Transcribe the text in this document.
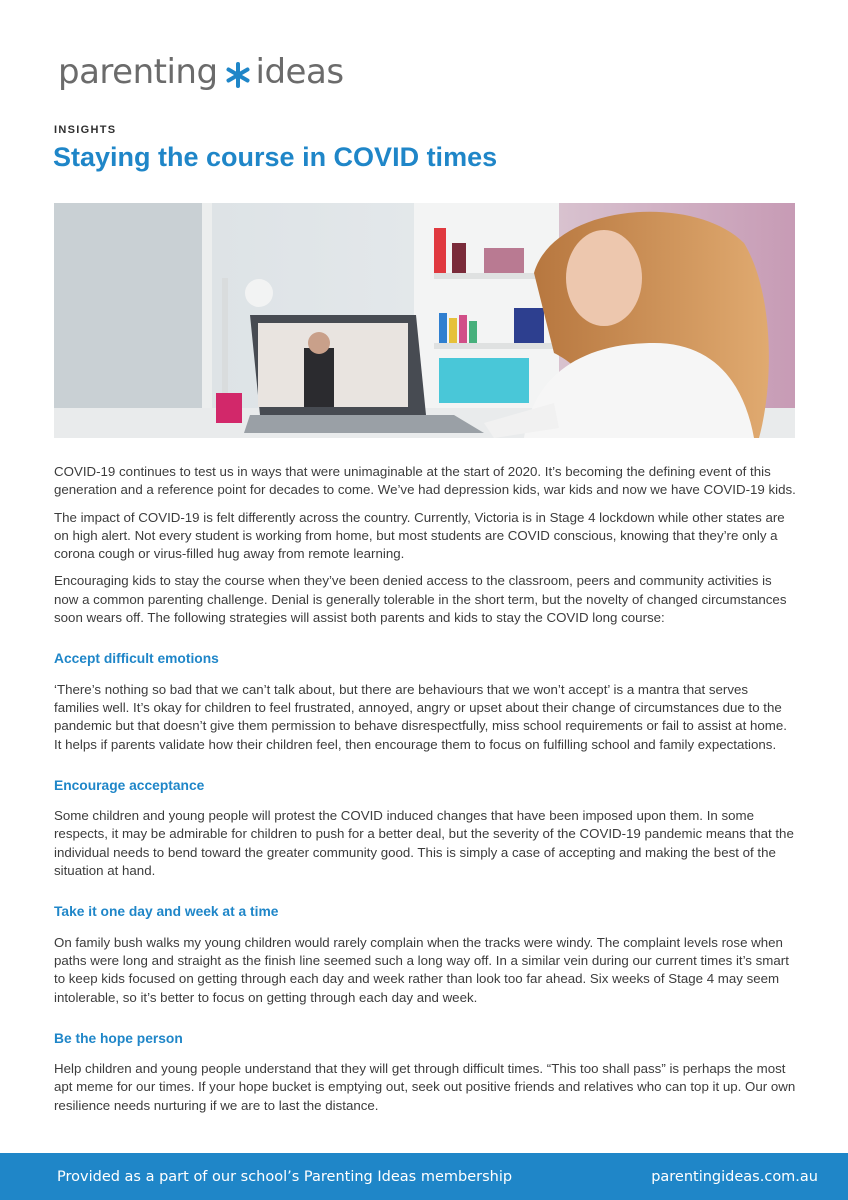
parenting ideas
INSIGHTS
Staying the course in COVID times

COVID-19 continues to test us in ways that were unimaginable at the start of 2020. It’s becoming the defining event of this generation and a reference point for decades to come. We’ve had depression kids, war kids and now we have COVID-19 kids.

The impact of COVID-19 is felt differently across the country. Currently, Victoria is in Stage 4 lockdown while other states are on high alert. Not every student is working from home, but most students are COVID conscious, knowing that they’re only a corona cough or virus-filled hug away from remote learning.

Encouraging kids to stay the course when they’ve been denied access to the classroom, peers and community activities is now a common parenting challenge. Denial is generally tolerable in the short term, but the novelty of changed circumstances soon wears off. The following strategies will assist both parents and kids to stay the COVID long course:

Accept difficult emotions

‘There’s nothing so bad that we can’t talk about, but there are behaviours that we won’t accept’ is a mantra that serves families well. It’s okay for children to feel frustrated, annoyed, angry or upset about their change of circumstances due to the pandemic but that doesn’t give them permission to behave disrespectfully, miss school requirements or fail to assist at home. It helps if parents validate how their children feel, then encourage them to focus on fulfilling school and family expectations.

Encourage acceptance

Some children and young people will protest the COVID induced changes that have been imposed upon them. In some respects, it may be admirable for children to push for a better deal, but the severity of the COVID-19 pandemic means that the individual needs to bend toward the greater community good. This is simply a case of accepting and making the best of the situation at hand.

Take it one day and week at a time

On family bush walks my young children would rarely complain when the tracks were windy. The complaint levels rose when paths were long and straight as the finish line seemed such a long way off. In a similar vein during our current times it’s smart to keep kids focused on getting through each day and week rather than look too far ahead. Six weeks of Stage 4 may seem intolerable, so it’s better to focus on getting through each day and week.

Be the hope person

Help children and young people understand that they will get through difficult times. “This too shall pass” is perhaps the most apt meme for our times. If your hope bucket is emptying out, seek out positive friends and relatives who can top it up. Our own resilience needs nurturing if we are to last the distance.

Provided as a part of our school’s Parenting Ideas membership	parentingideas.com.au
